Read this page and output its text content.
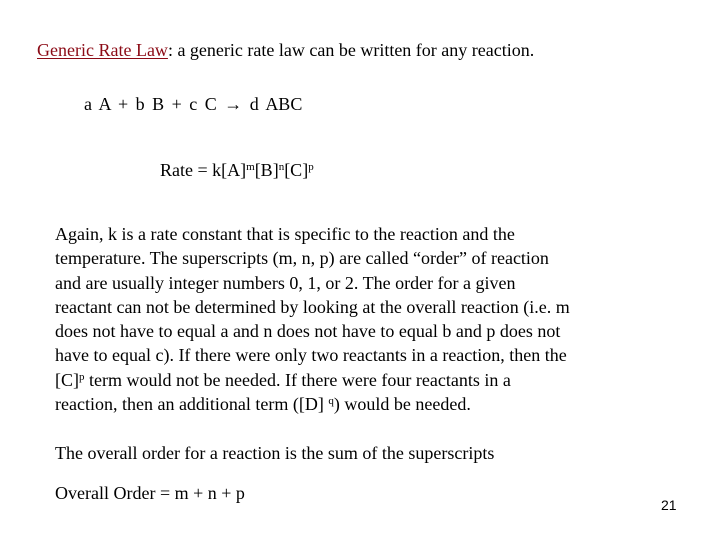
Generic Rate Law: a generic rate law can be written for any reaction.
a A + b B + c C → d ABC
Rate = $k[A]^m[B]^n[C]^p$
Again, k is a rate constant that is specific to the reaction and the
temperature. The superscripts (m, n, p) are called “order” of reaction
and are usually integer numbers 0, 1, or 2. The order for a given
reactant can not be determined by looking at the overall reaction (i.e. m
does not have to equal a and n does not have to equal b and p does not
have to equal c). If there were only two reactants in a reaction, then the
$[C]^p$ term would not be needed. If there were four reactants in a
reaction, then an additional term ([D] $^q$) would be needed.
The overall order for a reaction is the sum of the superscripts
Overall Order = m + n + p
21
